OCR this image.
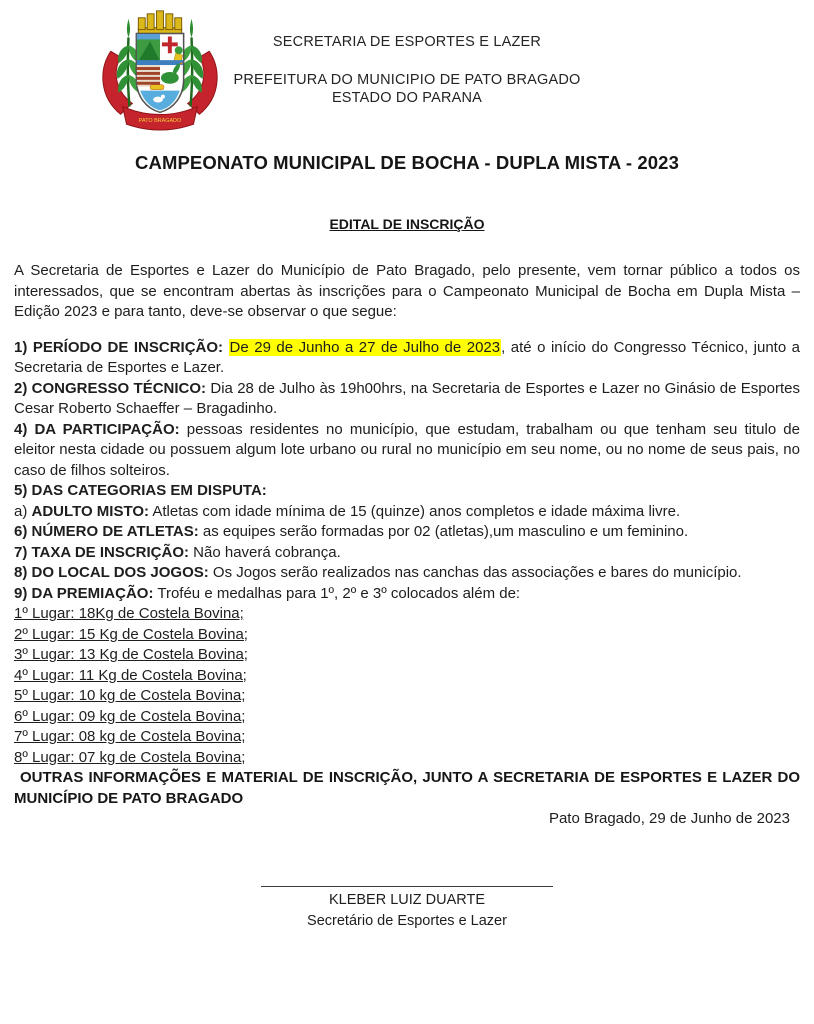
PATO BRAGADO
SECRETARIA DE ESPORTES E LAZER
PREFEITURA DO MUNICIPIO DE PATO BRAGADO
ESTADO DO PARANA
CAMPEONATO MUNICIPAL DE BOCHA - DUPLA MISTA - 2023
EDITAL DE INSCRIÇÃO

A Secretaria de Esportes e Lazer do Município de Pato Bragado, pelo presente, vem tornar público a todos os interessados, que se encontram abertas às inscrições para o Campeonato Municipal de Bocha em Dupla Mista – Edição 2023 e para tanto, deve-se observar o que segue:

1) PERÍODO DE INSCRIÇÃO: De 29 de Junho a 27 de Julho de 2023, até o início do Congresso Técnico, junto a Secretaria de Esportes e Lazer.

2) CONGRESSO TÉCNICO: Dia 28 de Julho às 19h00hrs, na Secretaria de Esportes e Lazer no Ginásio de Esportes Cesar Roberto Schaeffer – Bragadinho.

4) DA PARTICIPAÇÃO: pessoas residentes no município, que estudam, trabalham ou que tenham seu titulo de eleitor nesta cidade ou possuem algum lote urbano ou rural no município em seu nome, ou no nome de seus pais, no caso de filhos solteiros.

5) DAS CATEGORIAS EM DISPUTA:

a) ADULTO MISTO: Atletas com idade mínima de 15 (quinze) anos completos e idade máxima livre.

6) NÚMERO DE ATLETAS: as equipes serão formadas por 02 (atletas),um masculino e um feminino.

7) TAXA DE INSCRIÇÃO: Não haverá cobrança.

8) DO LOCAL DOS JOGOS: Os Jogos serão realizados nas canchas das associações e bares do município.

9) DA PREMIAÇÃO: Troféu e medalhas para 1º, 2º e 3º colocados além de:

1º Lugar: 18Kg de Costela Bovina;

2º Lugar: 15 Kg de Costela Bovina;

3º Lugar: 13 Kg de Costela Bovina;

4º Lugar: 11 Kg de Costela Bovina;

5º Lugar: 10 kg de Costela Bovina;

6º Lugar: 09 kg de Costela Bovina;

7º Lugar: 08 kg de Costela Bovina;

8º Lugar: 07 kg de Costela Bovina;

OUTRAS INFORMAÇÕES E MATERIAL DE INSCRIÇÃO, JUNTO A SECRETARIA DE ESPORTES E LAZER DO MUNICÍPIO DE PATO BRAGADO

Pato Bragado, 29 de Junho de 2023

KLEBER LUIZ DUARTE
Secretário de Esportes e Lazer
